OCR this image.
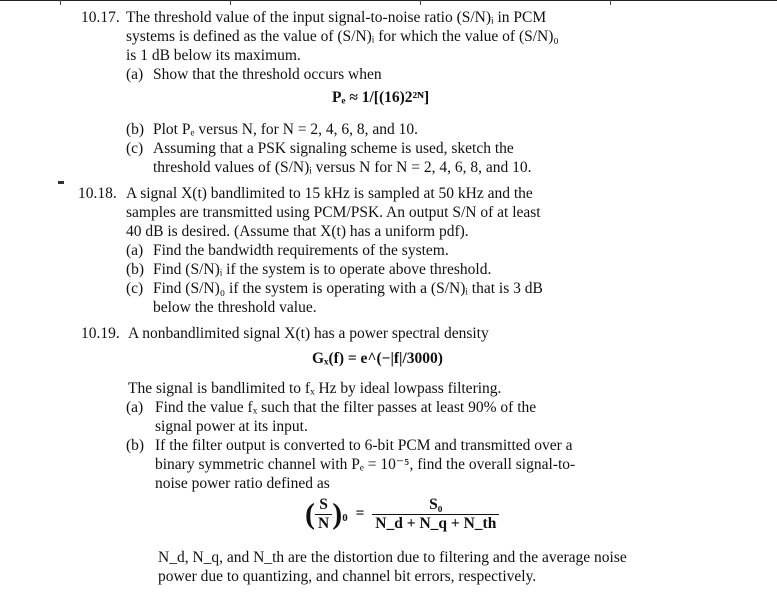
10.17. The threshold value of the input signal-to-noise ratio (S/N)ᵢ in PCM
systems is defined as the value of (S/N)ᵢ for which the value of (S/N)₀
is 1 dB below its maximum.
(a) Show that the threshold occurs when
Pₑ ≈ 1/[(16)2²ᴺ]
(b) Plot Pₑ versus N, for N = 2, 4, 6, 8, and 10.
(c) Assuming that a PSK signaling scheme is used, sketch the
threshold values of (S/N)ᵢ versus N for N = 2, 4, 6, 8, and 10.
10.18. A signal X(t) bandlimited to 15 kHz is sampled at 50 kHz and the
samples are transmitted using PCM/PSK. An output S/N of at least
40 dB is desired. (Assume that X(t) has a uniform pdf).
(a) Find the bandwidth requirements of the system.
(b) Find (S/N)ᵢ if the system is to operate above threshold.
(c) Find (S/N)₀ if the system is operating with a (S/N)ᵢ that is 3 dB
below the threshold value.
10.19. A nonbandlimited signal X(t) has a power spectral density
Gₓ(f) = e^(−|f|/3000)
The signal is bandlimited to fₓ Hz by ideal lowpass filtering.
(a) Find the value fₓ such that the filter passes at least 90% of the
signal power at its input.
(b) If the filter output is converted to 6-bit PCM and transmitted over a
binary symmetric channel with Pₑ = 10⁻⁵, find the overall signal-to-
noise power ratio defined as
( $\frac{S}{N} )_0 = \frac{\text{S₀}}{N\_d + N\_q + N\_th}$
N_d, N_q, and N_th are the distortion due to filtering and the average noise
power due to quantizing, and channel bit errors, respectively.
